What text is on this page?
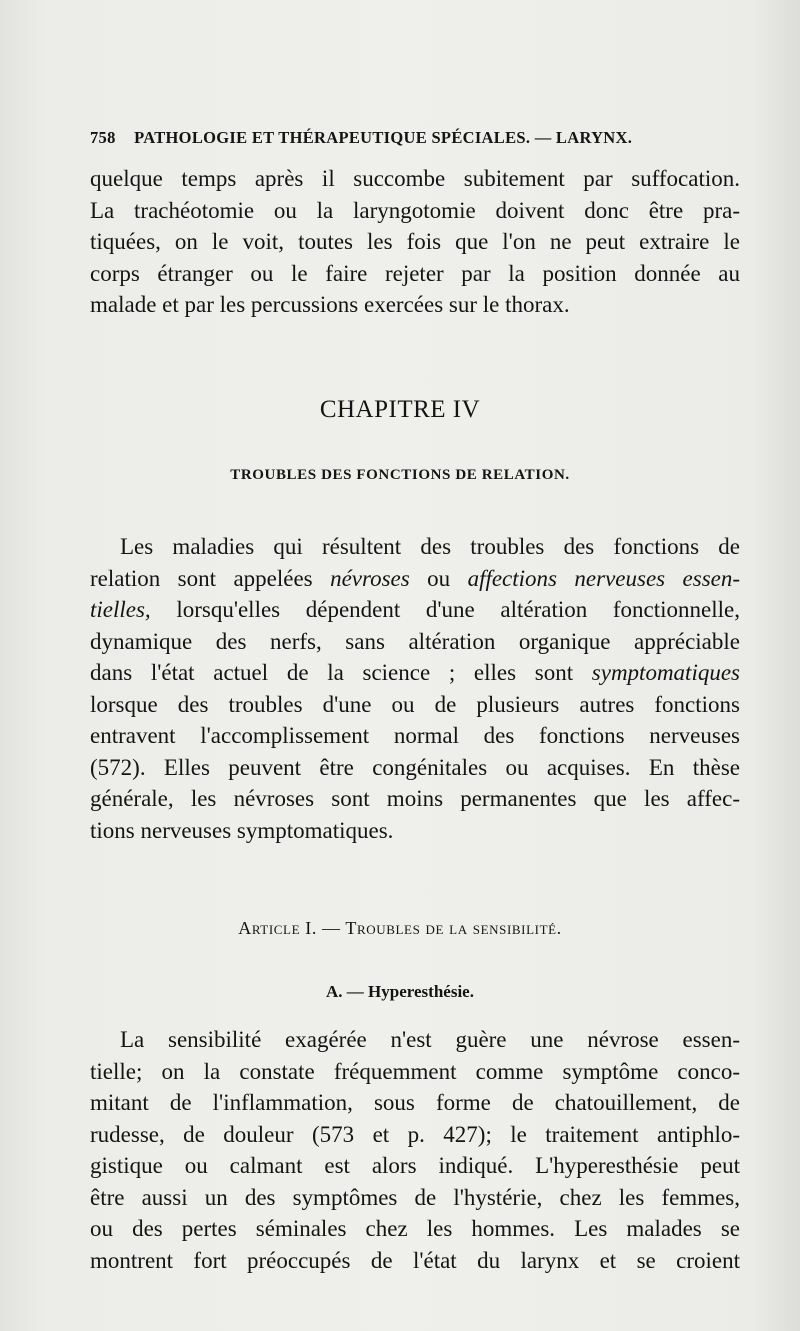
758 PATHOLOGIE ET THÉRAPEUTIQUE SPÉCIALES. — LARYNX.
quelque temps après il succombe subitement par suffocation.
La trachéotomie ou la laryngotomie doivent donc être pra-
tiquées, on le voit, toutes les fois que l'on ne peut extraire le
corps étranger ou le faire rejeter par la position donnée au
malade et par les percussions exercées sur le thorax.
CHAPITRE IV
TROUBLES DES FONCTIONS DE RELATION.
Les maladies qui résultent des troubles des fonctions de
relation sont appelées névroses ou affections nerveuses essen-
tielles, lorsqu'elles dépendent d'une altération fonctionnelle,
dynamique des nerfs, sans altération organique appréciable
dans l'état actuel de la science ; elles sont symptomatiques
lorsque des troubles d'une ou de plusieurs autres fonctions
entravent l'accomplissement normal des fonctions nerveuses
(572). Elles peuvent être congénitales ou acquises. En thèse
générale, les névroses sont moins permanentes que les affec-
tions nerveuses symptomatiques.
Article I. — Troubles de la sensibilité.
A. — Hyperesthésie.
La sensibilité exagérée n'est guère une névrose essen-
tielle; on la constate fréquemment comme symptôme conco-
mitant de l'inflammation, sous forme de chatouillement, de
rudesse, de douleur (573 et p. 427); le traitement antiphlo-
gistique ou calmant est alors indiqué. L'hyperesthésie peut
être aussi un des symptômes de l'hystérie, chez les femmes,
ou des pertes séminales chez les hommes. Les malades se
montrent fort préoccupés de l'état du larynx et se croient
